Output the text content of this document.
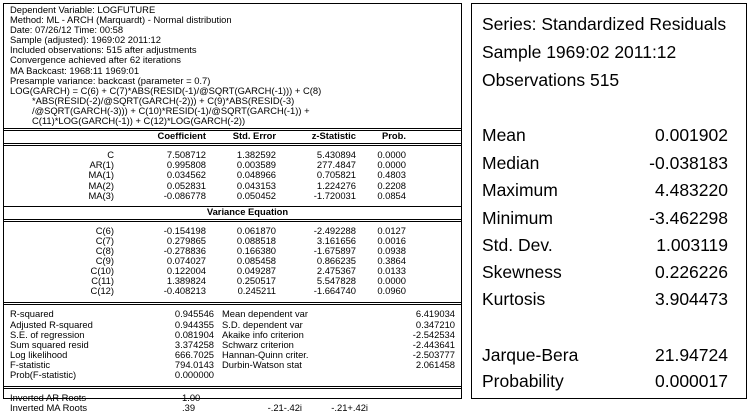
Dependent Variable: LOGFUTURE
Method: ML - ARCH (Marquardt) - Normal distribution
Date: 07/26/12 Time: 00:58
Sample (adjusted): 1969:02 2011:12
Included observations: 515 after adjustments
Convergence achieved after 62 iterations
MA Backcast: 1968:11 1969:01
Presample variance: backcast (parameter = 0.7)
LOG(GARCH) = C(6) + C(7)*ABS(RESID(-1)/@SQRT(GARCH(-1))) + C(8)
*ABS(RESID(-2)/@SQRT(GARCH(-2))) + C(9)*ABS(RESID(-3)
/@SQRT(GARCH(-3))) + C(10)*RESID(-1)/@SQRT(GARCH(-1)) +
C(11)*LOG(GARCH(-1)) + C(12)*LOG(GARCH(-2))
	Coefficient	Std. Error	z-Statistic	Prob.	
C	7.508712	1.382592	5.430894	0.0000	
AR(1)	0.995808	0.003589	277.4847	0.0000	
MA(1)	0.034562	0.048966	0.705821	0.4803	
MA(2)	0.052831	0.043153	1.224276	0.2208	
MA(3)	-0.086778	0.050452	-1.720031	0.0854	
Variance Equation
C(6)	-0.154198	0.061870	-2.492288	0.0127	
C(7)	0.279865	0.088518	3.161656	0.0016	
C(8)	-0.278836	0.166380	-1.675897	0.0938	
C(9)	0.074027	0.085458	0.866235	0.3864	
C(10)	0.122004	0.049287	2.475367	0.0133	
C(11)	1.389824	0.250517	5.547828	0.0000	
C(12)	-0.408213	0.245211	-1.664740	0.0960	
R-squared	0.945546	Mean dependent var	6.419034
Adjusted R-squared	0.944355	S.D. dependent var	0.347210
S.E. of regression	0.081904	Akaike info criterion	-2.542534
Sum squared resid	3.374258	Schwarz criterion	-2.443641
Log likelihood	666.7025	Hannan-Quinn criter.	-2.503777
F-statistic	794.0143	Durbin-Watson stat	2.061458
Prob(F-statistic)	0.000000		
Inverted AR Roots	1.00			
Inverted MA Roots	.39	-.21-.42i	-.21+.42i	
Series: Standardized Residuals
Sample 1969:02 2011:12
Observations 515
Mean	0.001902
Median	-0.038183
Maximum	4.483220
Minimum	-3.462298
Std. Dev.	1.003119
Skewness	0.226226
Kurtosis	3.904473
Jarque-Bera	21.94724
Probability	0.000017
